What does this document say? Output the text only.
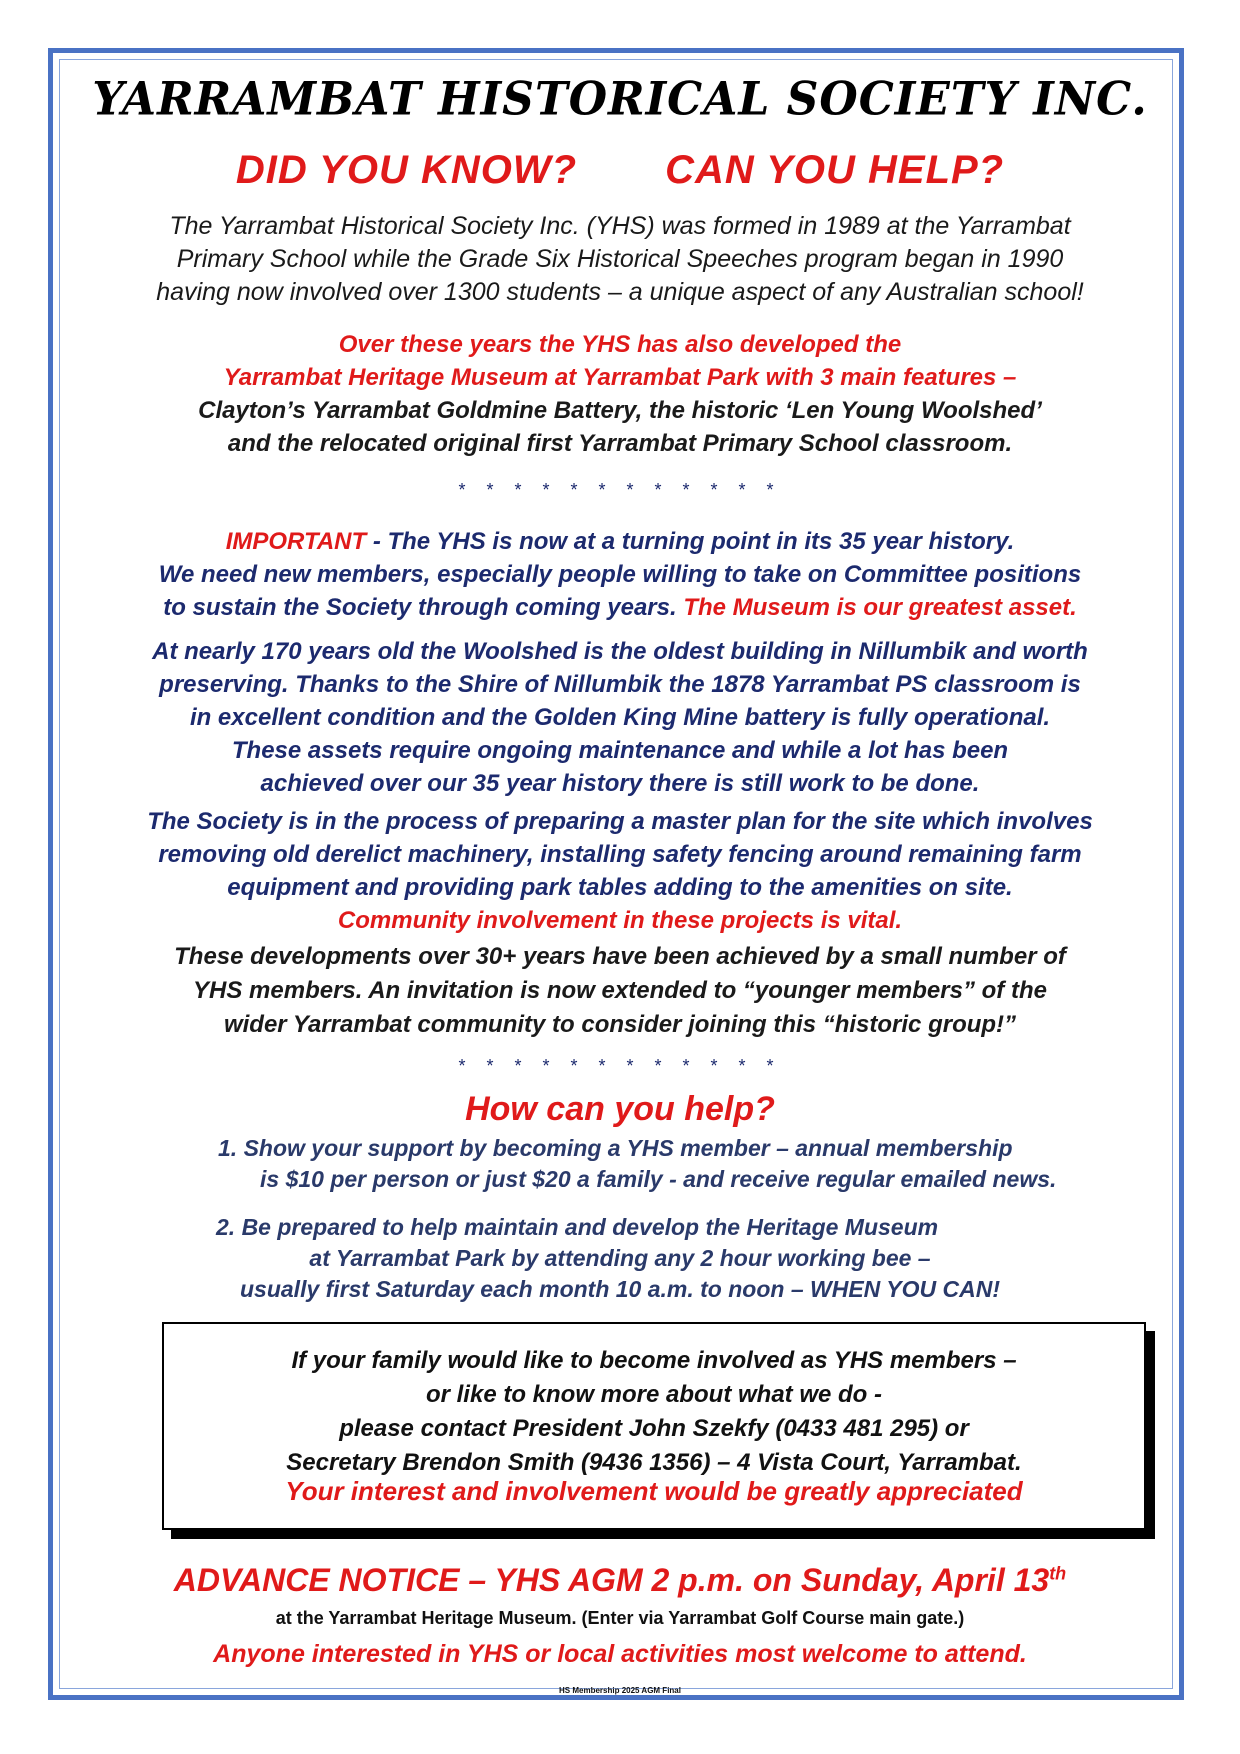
YARRAMBAT HISTORICAL SOCIETY INC.
DID YOU KNOW? CAN YOU HELP?
The Yarrambat Historical Society Inc. (YHS) was formed in 1989 at the Yarrambat
Primary School while the Grade Six Historical Speeches program began in 1990
having now involved over 1300 students – a unique aspect of any Australian school!
Over these years the YHS has also developed the
Yarrambat Heritage Museum at Yarrambat Park with 3 main features –
Clayton’s Yarrambat Goldmine Battery, the historic ‘Len Young Woolshed’
and the relocated original first Yarrambat Primary School classroom.
* * * * * * * * * * * *
IMPORTANT - The YHS is now at a turning point in its 35 year history.
We need new members, especially people willing to take on Committee positions
to sustain the Society through coming years. The Museum is our greatest asset.
At nearly 170 years old the Woolshed is the oldest building in Nillumbik and worth
preserving. Thanks to the Shire of Nillumbik the 1878 Yarrambat PS classroom is
in excellent condition and the Golden King Mine battery is fully operational.
These assets require ongoing maintenance and while a lot has been
achieved over our 35 year history there is still work to be done.
The Society is in the process of preparing a master plan for the site which involves
removing old derelict machinery, installing safety fencing around remaining farm
equipment and providing park tables adding to the amenities on site.
Community involvement in these projects is vital.
These developments over 30+ years have been achieved by a small number of
YHS members. An invitation is now extended to “younger members” of the
wider Yarrambat community to consider joining this “historic group!”
* * * * * * * * * * * *
How can you help?
1. Show your support by becoming a YHS member – annual membership
is $10 per person or just $20 a family - and receive regular emailed news.
2. Be prepared to help maintain and develop the Heritage Museum
at Yarrambat Park by attending any 2 hour working bee –
usually first Saturday each month 10 a.m. to noon – WHEN YOU CAN!
If your family would like to become involved as YHS members –
or like to know more about what we do -
please contact President John Szekfy (0433 481 295) or
Secretary Brendon Smith (9436 1356) – 4 Vista Court, Yarrambat.
Your interest and involvement would be greatly appreciated
ADVANCE NOTICE – YHS AGM 2 p.m. on Sunday, April 13th
at the Yarrambat Heritage Museum. (Enter via Yarrambat Golf Course main gate.)
Anyone interested in YHS or local activities most welcome to attend.
HS Membership 2025 AGM Final
